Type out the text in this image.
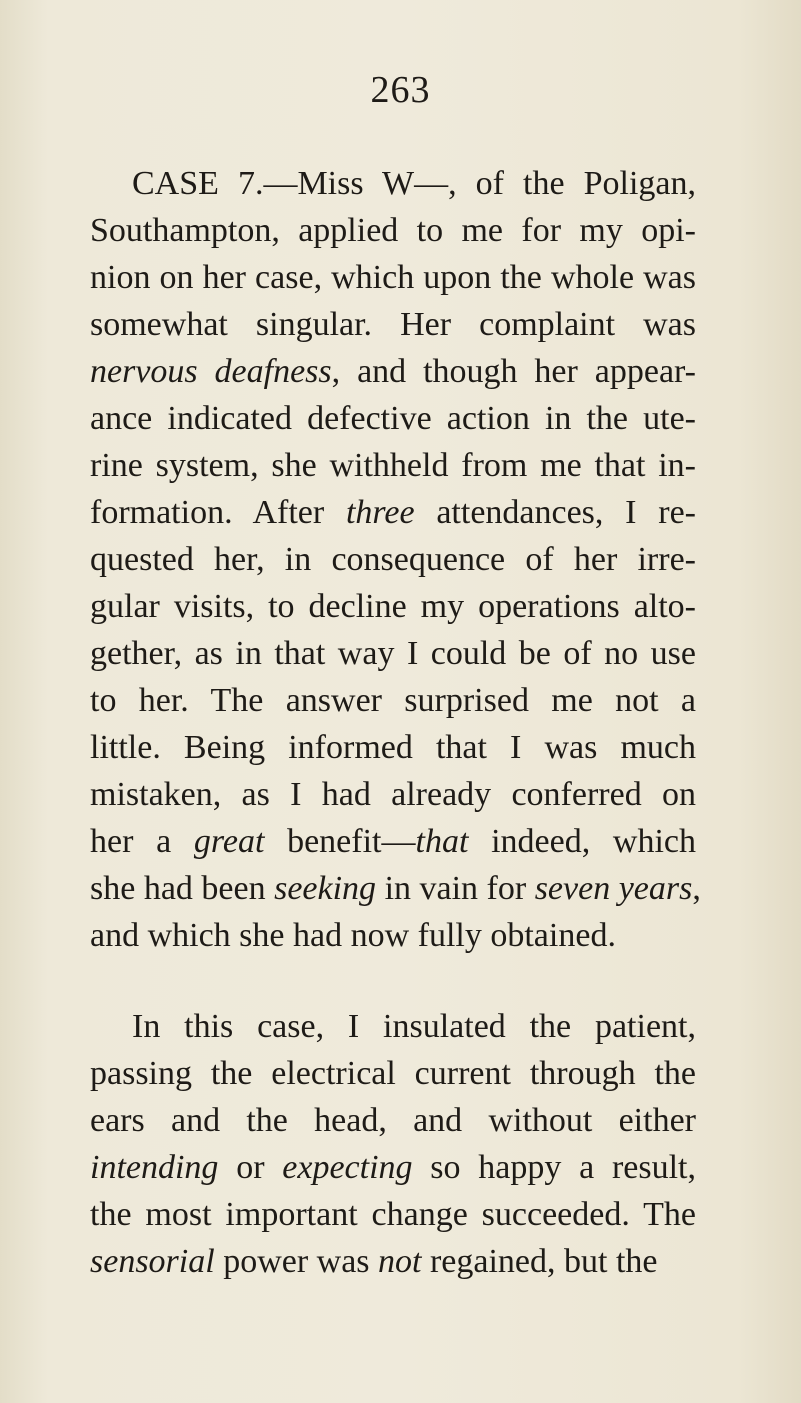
263
CASE 7.—Miss W—, of the Poligan,
Southampton, applied to me for my opi-
nion on her case, which upon the whole was
somewhat singular. Her complaint was
nervous deafness, and though her appear-
ance indicated defective action in the ute-
rine system, she withheld from me that in-
formation. After three attendances, I re-
quested her, in consequence of her irre-
gular visits, to decline my operations alto-
gether, as in that way I could be of no use
to her. The answer surprised me not a
little. Being informed that I was much
mistaken, as I had already conferred on
her a great benefit—that indeed, which
she had been seeking in vain for seven years,
and which she had now fully obtained.
In this case, I insulated the patient,
passing the electrical current through the
ears and the head, and without either
intending or expecting so happy a result,
the most important change succeeded. The
sensorial power was not regained, but the
